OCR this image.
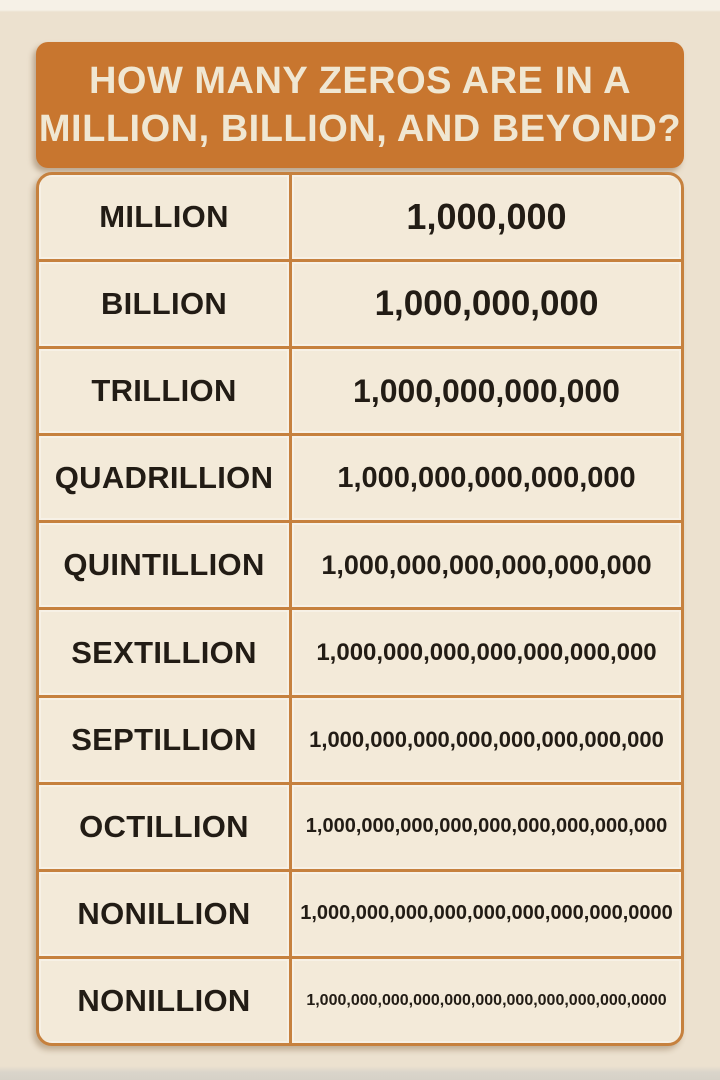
HOW MANY ZEROS ARE IN A
MILLION, BILLION, AND BEYOND?
MILLION	1,000,000
BILLION	1,000,000,000
TRILLION	1,000,000,000,000
QUADRILLION	1,000,000,000,000,000
QUINTILLION	1,000,000,000,000,000,000
SEXTILLION	1,000,000,000,000,000,000,000
SEPTILLION	1,000,000,000,000,000,000,000,000
OCTILLION	1,000,000,000,000,000,000,000,000,000
NONILLION	1,000,000,000,000,000,000,000,000,0000
NONILLION	1,000,000,000,000,000,000,000,000,000,000,0000
